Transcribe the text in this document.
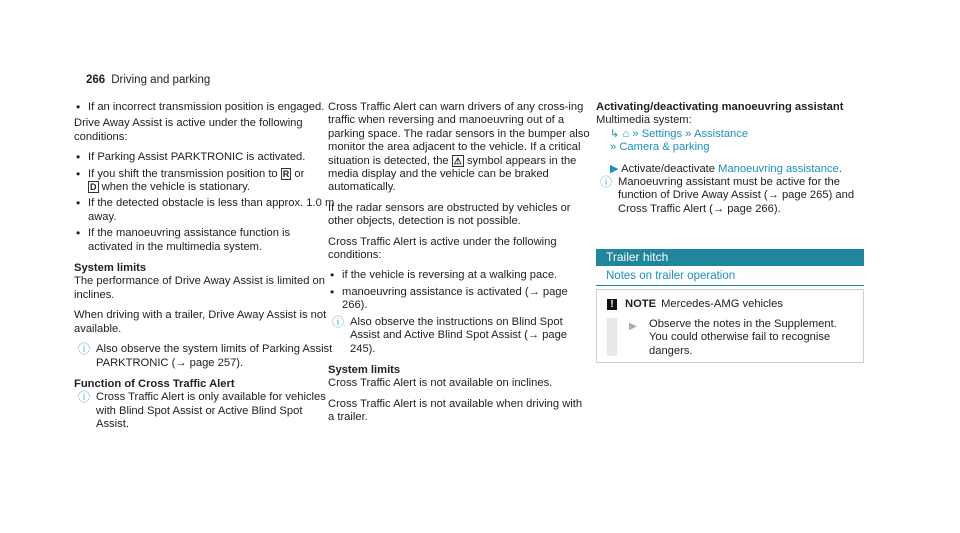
266 Driving and parking
• If an incorrect transmission position is engaged.

Drive Away Assist is active under the following conditions:

• If Parking Assist PARKTRONIC is activated.
• If you shift the transmission position to R or
D when the vehicle is stationary.
• If the detected obstacle is less than approx. 1.0 m away.
• If the manoeuvring assistance function is activated in the multimedia system.
System limits

The performance of Drive Away Assist is limited on inclines.

When driving with a trailer, Drive Away Assist is not available.

ⓘ Also observe the system limits of Parking Assist PARKTRONIC (→ page 257).
Function of Cross Traffic Alert
ⓘ Cross Traffic Alert is only available for vehicles with Blind Spot Assist or Active Blind Spot Assist.

Cross Traffic Alert can warn drivers of any cross-ing traffic when reversing and manoeuvring out of a parking space. The radar sensors in the bumper also monitor the area adjacent to the vehicle. If a critical situation is detected, the ⚠ symbol appears in the media display and the vehicle can be braked automatically.

If the radar sensors are obstructed by vehicles or other objects, detection is not possible.

Cross Traffic Alert is active under the following conditions:

• if the vehicle is reversing at a walking pace.
• manoeuvring assistance is activated (→ page 266).
ⓘ Also observe the instructions on Blind Spot Assist and Active Blind Spot Assist (→ page 245).
System limits

Cross Traffic Alert is not available on inclines.

Cross Traffic Alert is not available when driving with a trailer.

Activating/deactivating manoeuvring assistant
Multimedia system:
↳ ⌂ » Settings » Assistance
» Camera & parking
▶ Activate/deactivate Manoeuvring assistance.
ⓘ Manoeuvring assistant must be active for the function of Drive Away Assist (→ page 265) and Cross Traffic Alert (→ page 266).
Trailer hitch
Notes on trailer operation
! NOTE Mercedes-AMG vehicles
▶ Observe the notes in the Supplement. You could otherwise fail to recognise dangers.
